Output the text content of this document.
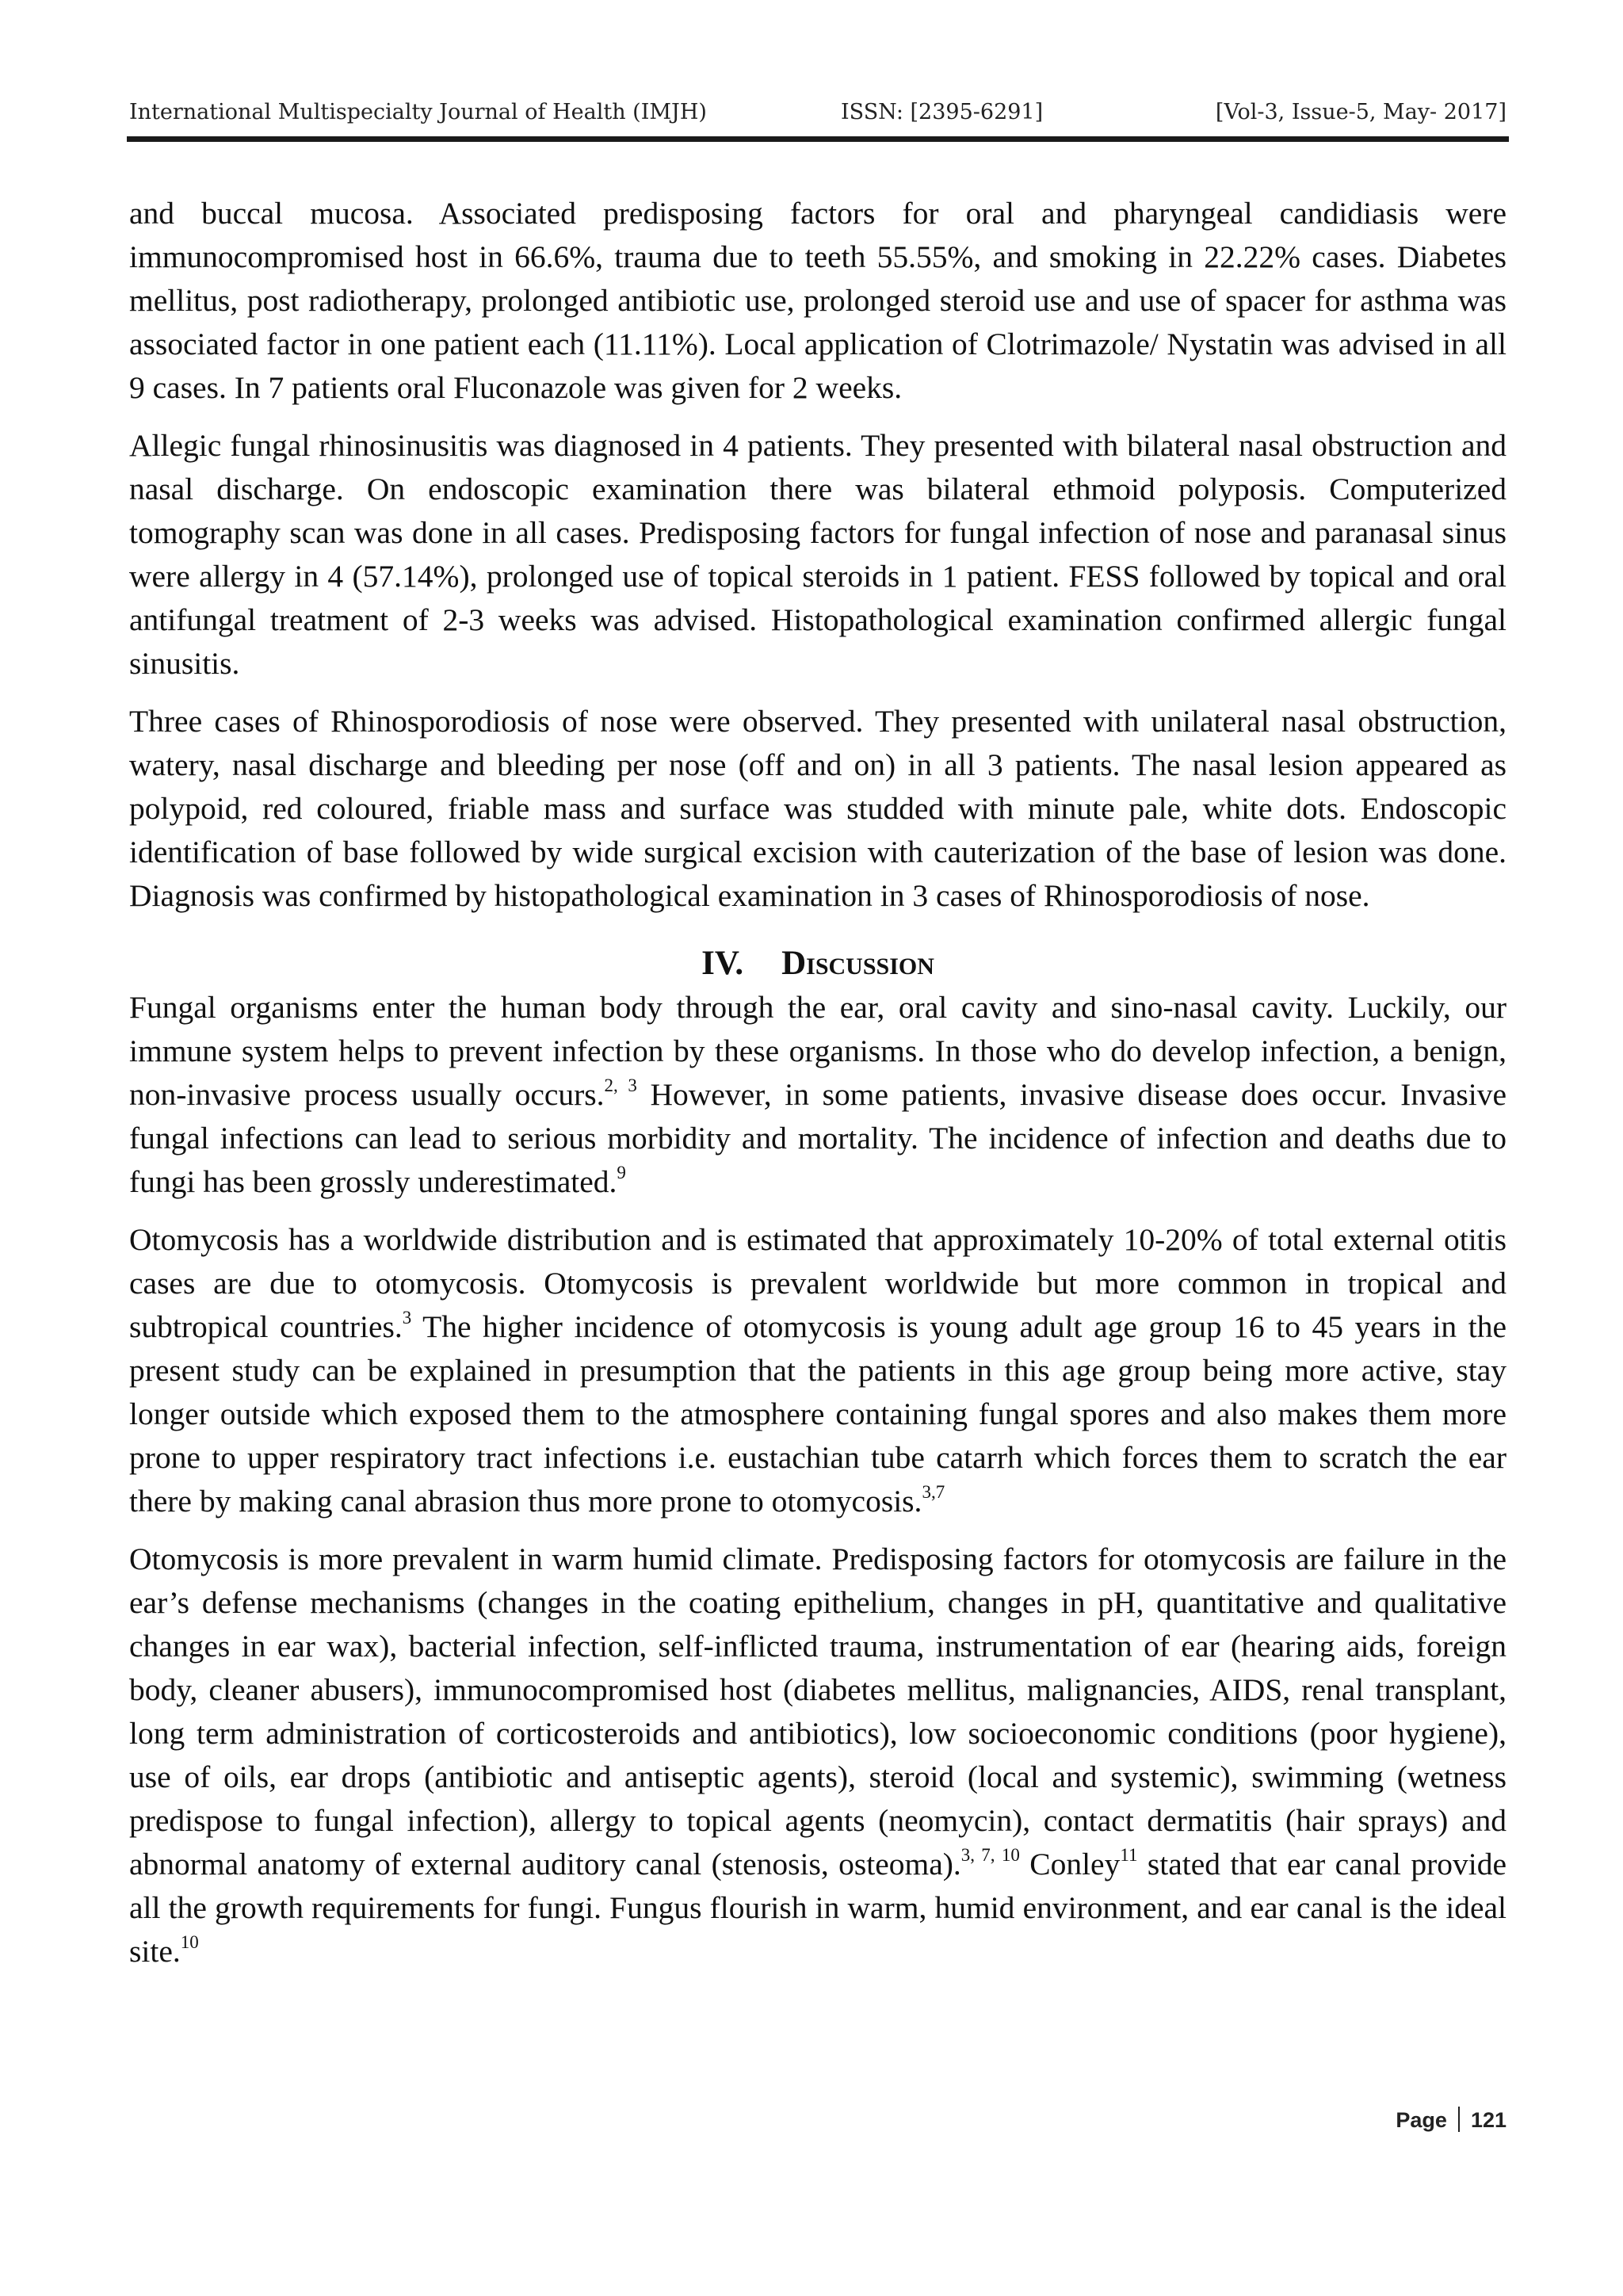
International Multispecialty Journal of Health (IMJH)	ISSN: [2395-6291]	[Vol-3, Issue-5, May- 2017]

and buccal mucosa. Associated predisposing factors for oral and pharyngeal candidiasis were immunocompromised host in 66.6%, trauma due to teeth 55.55%, and smoking in 22.22% cases. Diabetes mellitus, post radiotherapy, prolonged antibiotic use, prolonged steroid use and use of spacer for asthma was associated factor in one patient each (11.11%). Local application of Clotrimazole/ Nystatin was advised in all 9 cases. In 7 patients oral Fluconazole was given for 2 weeks.

Allegic fungal rhinosinusitis was diagnosed in 4 patients. They presented with bilateral nasal obstruction and nasal discharge. On endoscopic examination there was bilateral ethmoid polyposis. Computerized tomography scan was done in all cases. Predisposing factors for fungal infection of nose and paranasal sinus were allergy in 4 (57.14%), prolonged use of topical steroids in 1 patient. FESS followed by topical and oral antifungal treatment of 2-3 weeks was advised. Histopathological examination confirmed allergic fungal sinusitis.

Three cases of Rhinosporodiosis of nose were observed. They presented with unilateral nasal obstruction, watery, nasal discharge and bleeding per nose (off and on) in all 3 patients. The nasal lesion appeared as polypoid, red coloured, friable mass and surface was studded with minute pale, white dots. Endoscopic identification of base followed by wide surgical excision with cauterization of the base of lesion was done. Diagnosis was confirmed by histopathological examination in 3 cases of Rhinosporodiosis of nose.

IV. Discussion

Fungal organisms enter the human body through the ear, oral cavity and sino-nasal cavity. Luckily, our immune system helps to prevent infection by these organisms. In those who do develop infection, a benign, non-invasive process usually occurs.$^{2, 3}$ However, in some patients, invasive disease does occur. Invasive fungal infections can lead to serious morbidity and mortality. The incidence of infection and deaths due to fungi has been grossly underestimated.$^9$

Otomycosis has a worldwide distribution and is estimated that approximately 10-20% of total external otitis cases are due to otomycosis. Otomycosis is prevalent worldwide but more common in tropical and subtropical countries.$^3$ The higher incidence of otomycosis is young adult age group 16 to 45 years in the present study can be explained in presumption that the patients in this age group being more active, stay longer outside which exposed them to the atmosphere containing fungal spores and also makes them more prone to upper respiratory tract infections i.e. eustachian tube catarrh which forces them to scratch the ear there by making canal abrasion thus more prone to otomycosis.$^{3,7}$

Otomycosis is more prevalent in warm humid climate. Predisposing factors for otomycosis are failure in the ear’s defense mechanisms (changes in the coating epithelium, changes in pH, quantitative and qualitative changes in ear wax), bacterial infection, self-inflicted trauma, instrumentation of ear (hearing aids, foreign body, cleaner abusers), immunocompromised host (diabetes mellitus, malignancies, AIDS, renal transplant, long term administration of corticosteroids and antibiotics), low socioeconomic conditions (poor hygiene), use of oils, ear drops (antibiotic and antiseptic agents), steroid (local and systemic), swimming (wetness predispose to fungal infection), allergy to topical agents (neomycin), contact dermatitis (hair sprays) and abnormal anatomy of external auditory canal (stenosis, osteoma).$^{3, 7, 10}$ Conley$^{11}$ stated that ear canal provide all the growth requirements for fungi. Fungus flourish in warm, humid environment, and ear canal is the ideal site.$^{10}$

Page 121
